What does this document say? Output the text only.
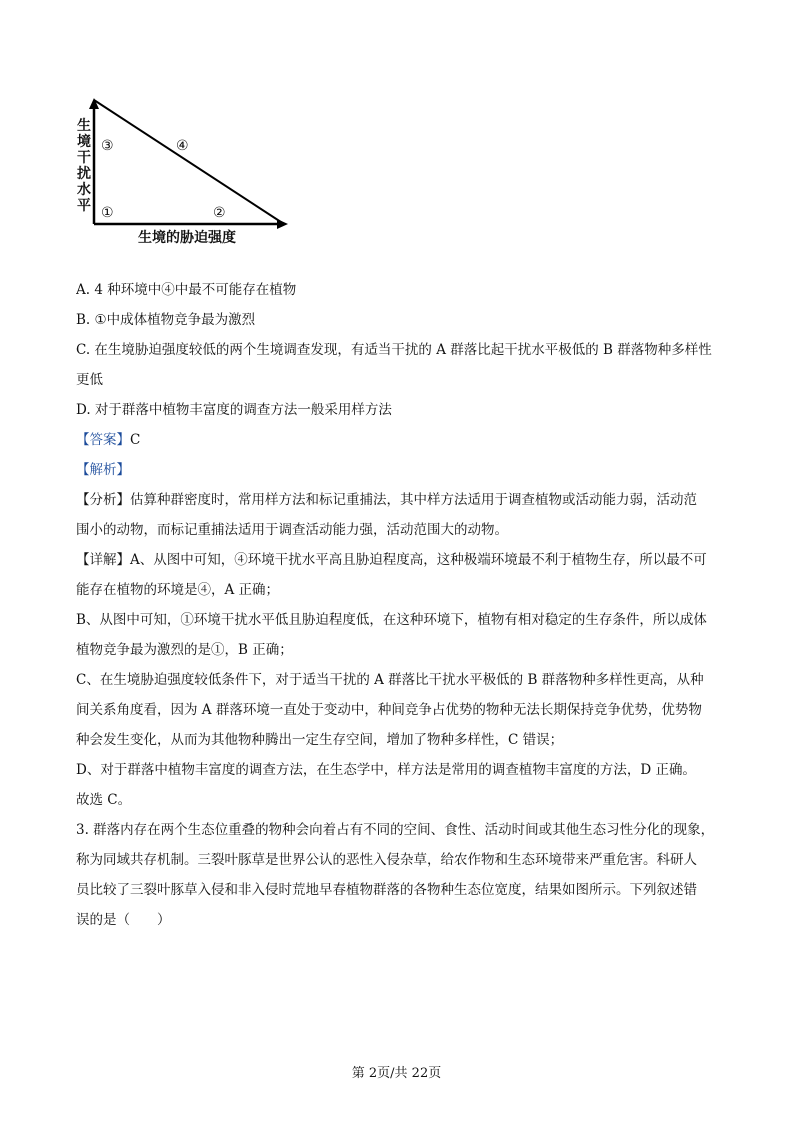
生
境
干
扰
水
平
生境的胁迫强度
①	②
③	④
A. 4 种环境中④中最不可能存在植物
B. ①中成体植物竞争最为激烈
C. 在生境胁迫强度较低的两个生境调查发现，有适当干扰的 A 群落比起干扰水平极低的 B 群落物种多样性
更低
D. 对于群落中植物丰富度的调查方法一般采用样方法
【答案】C
【解析】
【分析】估算种群密度时，常用样方法和标记重捕法，其中样方法适用于调查植物或活动能力弱，活动范
围小的动物，而标记重捕法适用于调查活动能力强，活动范围大的动物。
【详解】A、从图中可知，④环境干扰水平高且胁迫程度高，这种极端环境最不利于植物生存，所以最不可
能存在植物的环境是④，A 正确；
B、从图中可知，①环境干扰水平低且胁迫程度低，在这种环境下，植物有相对稳定的生存条件，所以成体
植物竞争最为激烈的是①，B 正确；
C、在生境胁迫强度较低条件下，对于适当干扰的 A 群落比干扰水平极低的 B 群落物种多样性更高，从种
间关系角度看，因为 A 群落环境一直处于变动中，种间竞争占优势的物种无法长期保持竞争优势，优势物
种会发生变化，从而为其他物种腾出一定生存空间，增加了物种多样性，C 错误；
D、对于群落中植物丰富度的调查方法，在生态学中，样方法是常用的调查植物丰富度的方法，D 正确。
故选 C。
3. 群落内存在两个生态位重叠的物种会向着占有不同的空间、食性、活动时间或其他生态习性分化的现象，
称为同域共存机制。三裂叶豚草是世界公认的恶性入侵杂草，给农作物和生态环境带来严重危害。科研人
员比较了三裂叶豚草入侵和非入侵时荒地早春植物群落的各物种生态位宽度，结果如图所示。下列叙述错
误的是（　　）
第 2页/共 22页
